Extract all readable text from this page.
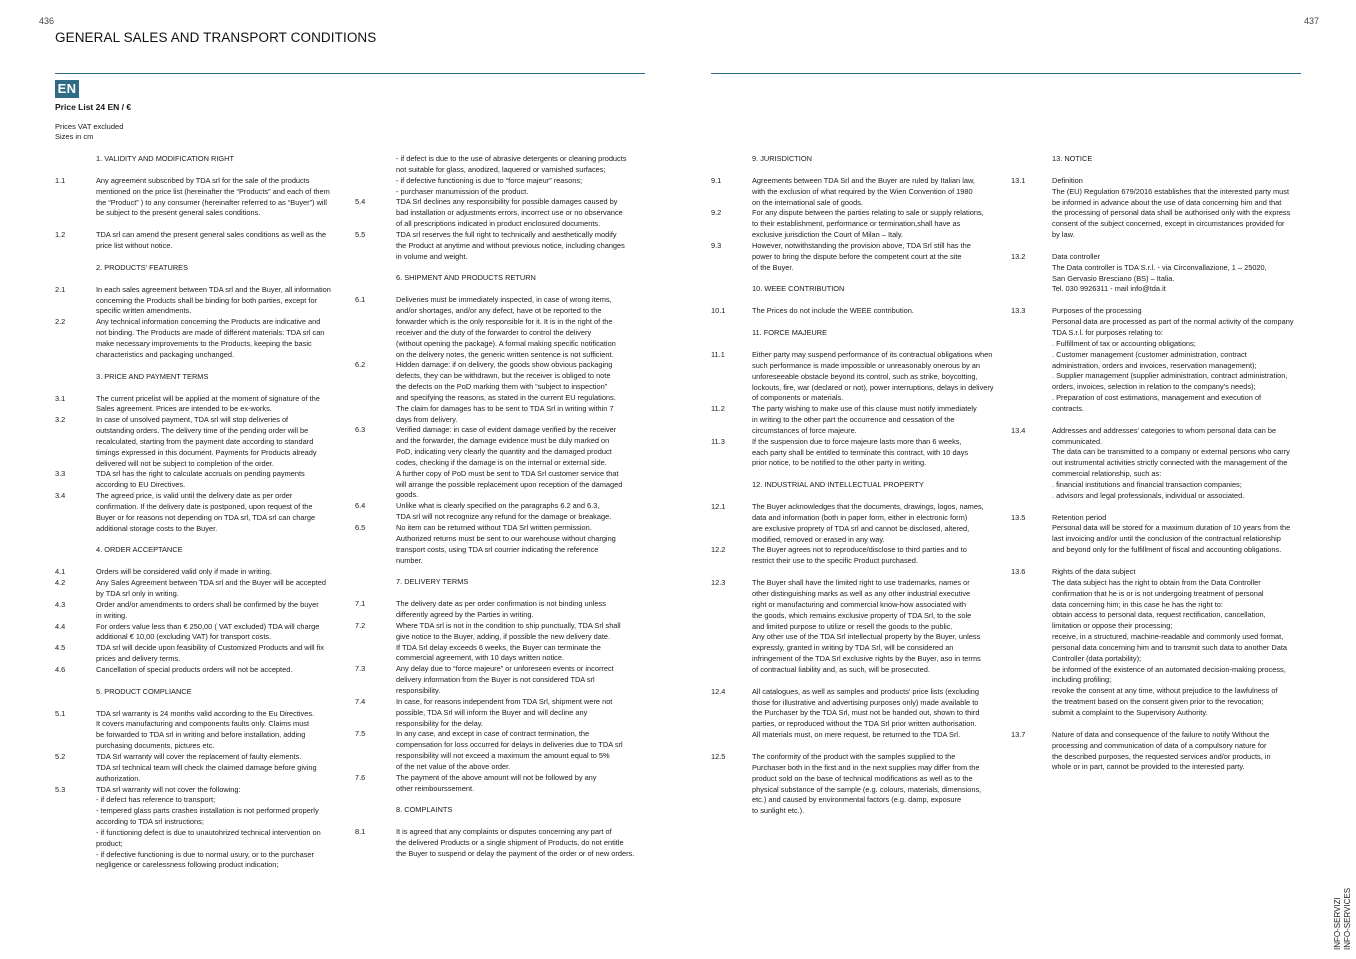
436	437
GENERAL SALES AND TRANSPORT CONDITIONS
EN
Price List 24 EN / €
Prices VAT excluded
Sizes in cm
1. VALIDITY AND MODIFICATION RIGHT
1.1	Any agreement subscribed by TDA srl for the sale of the products
mentioned on the price list (hereinafter the “Products” and each of them
the “Product” ) to any consumer (hereinafter referred to as “Buyer”) will
be subject to the present general sales conditions.

1.2	TDA srl can amend the present general sales conditions as well as the
price list without notice.

2. PRODUCTS' FEATURES
2.1	In each sales agreement between TDA srl and the Buyer, all information
concerning the Products shall be binding for both parties, except for
specific written amendments.

2.2	Any technical information concerning the Products are indicative and
not binding. The Products are made of different materials: TDA srl can
make necessary improvements to the Products, keeping the basic
characteristics and packaging unchanged.

3. PRICE AND PAYMENT TERMS
3.1	The current pricelist will be applied at the moment of signature of the
Sales agreement. Prices are intended to be ex-works.

3.2	In case of unsolved payment, TDA srl will stop deliveries of
outstanding orders. The delivery time of the pending order will be
recalculated, starting from the payment date according to standard
timings expressed in this document. Payments for Products already
delivered will not be subject to completion of the order.

3.3	TDA srl has the right to calculate accruals on pending payments
according to EU Directives.

3.4	The agreed price, is valid until the delivery date as per order
confirmation. If the delivery date is postponed, upon request of the
Buyer or for reasons not depending on TDA srl, TDA srl can charge
additional storage costs to the Buyer.

4. ORDER ACCEPTANCE
4.1	Orders will be considered valid only if made in writing.

4.2	Any Sales Agreement between TDA srl and the Buyer will be accepted
by TDA srl only in writing.

4.3	Order and/or amendments to orders shall be confirmed by the buyer
in writing.

4.4	For orders value less than € 250,00 ( VAT excluded) TDA will charge
additional € 10,00 (excluding VAT) for transport costs.

4.5	TDA srl will decide upon feasibility of Customized Products and will fix
prices and delivery terms.

4.6	Cancellation of special products orders will not be accepted.

5. PRODUCT COMPLIANCE
5.1	TDA srl warranty is 24 months valid according to the Eu Directives.
It covers manufacturing and components faults only. Claims must
be forwarded to TDA srl in writing and before installation, adding
purchasing documents, pictures etc.

5.2	TDA Srl warranty will cover the replacement of faulty elements.
TDA srl technical team will check the claimed damage before giving
authorization.

5.3	TDA srl warranty will not cover the following:
- if defect has reference to transport;
- tempered glass parts crashes installation is not performed properly
according to TDA srl instructions;
- if functioning defect is due to unautohrized technical intervention on
product;
- if defective functioning is due to normal usury, or to the purchaser
negligence or carelessness following product indication;

- if defect is due to the use of abrasive detergents or cleaning products
not suitable for glass, anodized, laquered or varnished surfaces;
- if defective functioning is due to “force majeur” reasons;
- purchaser manumission of the product.

5.4	TDA Srl declines any responsibility for possible damages caused by
bad installation or adjustments errors, incorrect use or no observance
of all prescriptions indicated in product enclosured documents.

5.5	TDA srl reserves the full right to technically and aesthetically modify
the Product at anytime and without previous notice, including changes
in volume and weight.

6. SHIPMENT AND PRODUCTS RETURN
6.1	Deliveries must be immediately inspected, in case of wrong items,
and/or shortages, and/or any defect, have ot be reported to the
forwarder which is the only responsible for it. It is in the right of the
receiver and the duty of the forwarder to control the delivery
(without opening the package). A formal making specific notification
on the delivery notes, the generic written sentence is not sufficient.

6.2	Hidden damage: if on delivery, the goods show obvious packaging
defects, they can be withdrawn, but the receiver is obliged to note
the defects on the PoD marking them with “subject to inspection”
and specifying the reasons, as stated in the current EU regulations.
The claim for damages has to be sent to TDA Srl in writing within 7
days from delivery.

6.3	Verified damage: in case of evident damage verified by the receiver
and the forwarder, the damage evidence must be duly marked on
PoD, indicating very clearly the quantity and the damaged product
codes, checking if the damage is on the internal or external side.
A further copy of PoD must be sent to TDA Srl customer service that
will arrange the possible replacement upon reception of the damaged
goods.

6.4	Unlike what is clearly specified on the paragraphs 6.2 and 6.3,
TDA srl will not recognize any refund for the damage or breakage.

6.5	No item can be returned without TDA Srl written permission.
Authorized returns must be sent to our warehouse without charging
transport costs, using TDA srl courrier indicating the reference
number.

7. DELIVERY TERMS
7.1	The delivery date as per order confirmation is not binding unless
differently agreed by the Parties in writing.

7.2	Where TDA srl is not in the condition to ship punctually, TDA Srl shall
give notice to the Buyer, adding, if possible the new delivery date.
If TDA Srl delay exceeds 6 weeks, the Buyer can terminate the
commercial agreement, with 10 days written notice.

7.3	Any delay due to “force majeure” or unforeseen events or incorrect
delivery information from the Buyer is not considered TDA srl
responsibility.

7.4	In case, for reasons independent from TDA Srl, shipment were not
possible, TDA Srl will inform the Buyer and will decline any
responsibility for the delay.

7.5	In any case, and except in case of contract termination, the
compensation for loss occurred for delays in deliveries due to TDA srl
responsibility will not exceed a maximum the amount equal to 5%
of the net value of the above order.

7.6	The payment of the above amount will not be followed by any
other reimbourssement.

8. COMPLAINTS
8.1	It is agreed that any complaints or disputes concerning any part of
the delivered Products or a single shipment of Products, do not entitle
the Buyer to suspend or delay the payment of the order or of new orders.

9. JURISDICTION
9.1	Agreements between TDA Srl and the Buyer are ruled by Italian law,
with the exclusion of what required by the Wien Convention of 1980
on the international sale of goods.

9.2	For any dispute between the parties relating to sale or supply relations,
to their establishment, performance or termination,shall have as
exclusive jurisdiction the Court of Milan – Italy.

9.3	However, notwithstanding the provision above, TDA Srl still has the
power to bring the dispute before the competent court at the site
of the Buyer.

10. WEEE CONTRIBUTION
10.1	The Prices do not include the WEEE contribution.

11. FORCE MAJEURE
11.1	Either party may suspend performance of its contractual obligations when
such performance is made impossible or unreasonably onerous by an
unforeseeable obstacle beyond its control, such as strike, boycotting,
lockouts, fire, war (declared or not), power interruptions, delays in delivery
of components or materials.

11.2	The party wishing to make use of this clause must notify immediately
in writing to the other part the occurrence and cessation of the
circumstances of force majeure.

11.3	If the suspension due to force majeure lasts more than 6 weeks,
each party shall be entitled to terminate this contract, with 10 days
prior notice, to be notified to the other party in writing.

12. INDUSTRIAL AND INTELLECTUAL PROPERTY
12.1	The Buyer acknowledges that the documents, drawings, logos, names,
data and information (both in paper form, either in electronic form)
are exclusive proprety of TDA srl and cannot be disclosed, altered,
modified, removed or erased in any way.

12.2	The Buyer agrees not to reproduce/disclose to third parties and to
restrict their use to the specific Product purchased.

12.3	The Buyer shall have the limited right to use trademarks, names or
other distinguishing marks as well as any other industrial executive
right or manufacturing and commercial know-how associated with
the goods, which remains exclusive property of TDA Srl, to the sole
and limited purpose to utilize or resell the goods to the public.
Any other use of the TDA Srl intellectual property by the Buyer, unless
expressly, granted in writing by TDA Srl, will be considered an
infringement of the TDA Srl exclusive rights by the Buyer, aso in terms
of contractual liability and, as such, will be prosecuted.

12.4	All catalogues, as well as samples and products' price lists (excluding
those for illustrative and advertising purposes only) made available to
the Purchaser by the TDA Srl, must not be handed out, shown to third
parties, or reproduced without the TDA Srl prior written authorisation.
All materials must, on mere request, be returned to the TDA Srl.

12.5	The conformity of the product with the samples supplied to the
Purchaser both in the first and in the next supplies may differ from the
product sold on the base of technical modifications as well as to the
physical substance of the sample (e.g. colours, materials, dimensions,
etc.) and caused by environmental factors (e.g. damp, exposure
to sunlight etc.).

13. NOTICE
13.1	Definition
The (EU) Regulation 679/2016 establishes that the interested party must
be informed in advance about the use of data concerning him and that
the processing of personal data shall be authorised only with the express
consent of the subject concerned, except in circumstances provided for
by law.

13.2	Data controller
The Data controller is TDA S.r.l. - via Circonvallazione, 1 – 25020,
San Gervasio Bresciano (BS) – Italia.
Tel. 030 9926311 - mail info@tda.it

13.3	Purposes of the processing
Personal data are processed as part of the normal activity of the company
TDA S.r.l. for purposes relating to:
. Fulfillment of tax or accounting obligations;
. Customer management (customer administration, contract
administration, orders and invoices, reservation management);
. Supplier management (supplier administration, contract administration,
orders, invoices, selection in relation to the company's needs);
. Preparation of cost estimations, management and execution of
contracts.

13.4	Addresses and addresses' categories to whom personal data can be
communicated.
The data can be transmitted to a company or external persons who carry
out instrumental activities strictly connected with the management of the
commercial relationship, such as:
. financial institutions and financial transaction companies;
. advisors and legal professionals, individual or associated.

13.5	Retention period
Personal data will be stored for a maximum duration of 10 years from the
last invoicing and/or until the conclusion of the contractual relationship
and beyond only for the fulfillment of fiscal and accounting obligations.

13.6	Rights of the data subject
The data subject has the right to obtain from the Data Controller
confirmation that he is or is not undergoing treatment of personal
data concerning him; in this case he has the right to:
obtain access to personal data, request rectification, cancellation,
limitation or oppose their processing;
receive, in a structured, machine-readable and commonly used format,
personal data concerning him and to transmit such data to another Data
Controller (data portability);
be informed of the existence of an automated decision-making process,
including profiling;
revoke the consent at any time, without prejudice to the lawfulness of
the treatment based on the consent given prior to the revocation;
submit a complaint to the Supervisory Authority.

13.7	Nature of data and consequence of the failure to notify Without the
processing and communication of data of a compulsory nature for
the described purposes, the requested services and/or products, in
whole or in part, cannot be provided to the interested party.

INFO-SERVIZI INFO-SERVICES
